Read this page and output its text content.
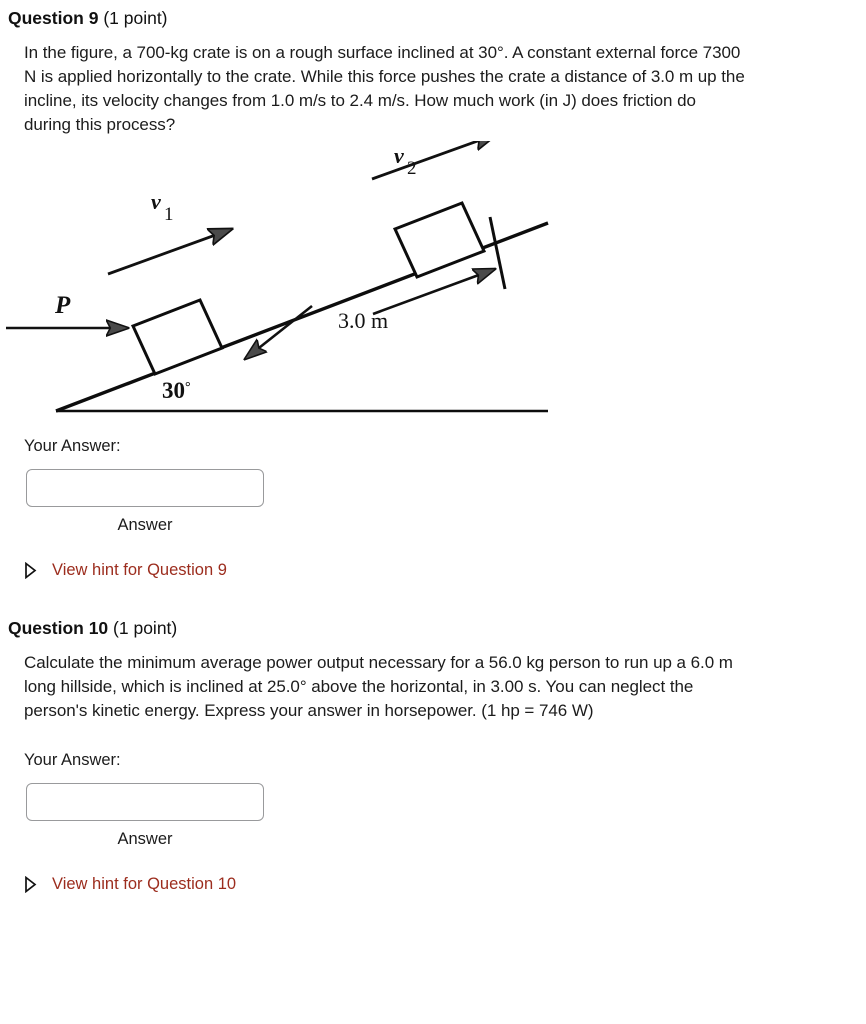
Question 9 (1 point)
In the figure, a 700-kg crate is on a rough surface inclined at 30°. A constant external force 7300 N is applied horizontally to the crate. While this force pushes the crate a distance of 3.0 m up the incline, its velocity changes from 1.0 m/s to 2.4 m/s. How much work (in J) does friction do during this process?
P
v
1
v
2
3.0 m
30°
Your Answer:
Answer
View hint for Question 9
Question 10 (1 point)
Calculate the minimum average power output necessary for a 56.0 kg person to run up a 6.0 m long hillside, which is inclined at 25.0° above the horizontal, in 3.00 s. You can neglect the person's kinetic energy. Express your answer in horsepower. (1 hp = 746 W)
Your Answer:
Answer
View hint for Question 10
